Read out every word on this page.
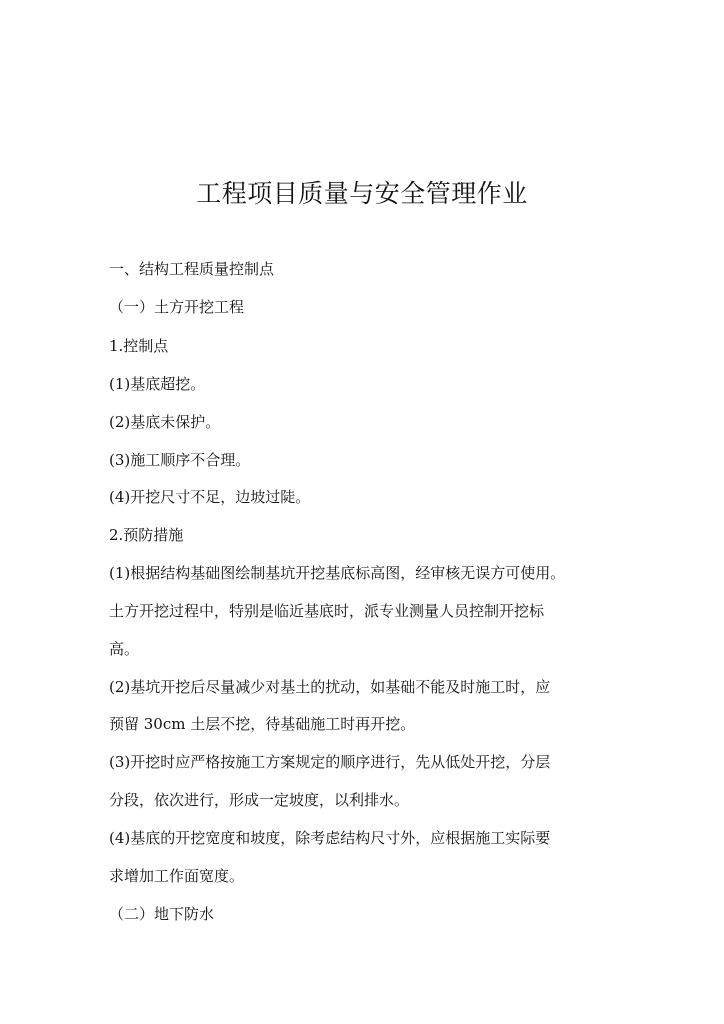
工程项目质量与安全管理作业

一、结构工程质量控制点

（一）土方开挖工程

1.控制点

(1)基底超挖。

(2)基底未保护。

(3)施工顺序不合理。

(4)开挖尺寸不足，边坡过陡。

2.预防措施

(1)根据结构基础图绘制基坑开挖基底标高图，经审核无误方可使用。

土方开挖过程中，特别是临近基底时，派专业测量人员控制开挖标

高。

(2)基坑开挖后尽量减少对基土的扰动，如基础不能及时施工时，应

预留 30cm 土层不挖，待基础施工时再开挖。

(3)开挖时应严格按施工方案规定的顺序进行，先从低处开挖，分层

分段，依次进行，形成一定坡度，以利排水。

(4)基底的开挖宽度和坡度，除考虑结构尺寸外，应根据施工实际要

求增加工作面宽度。

（二）地下防水
